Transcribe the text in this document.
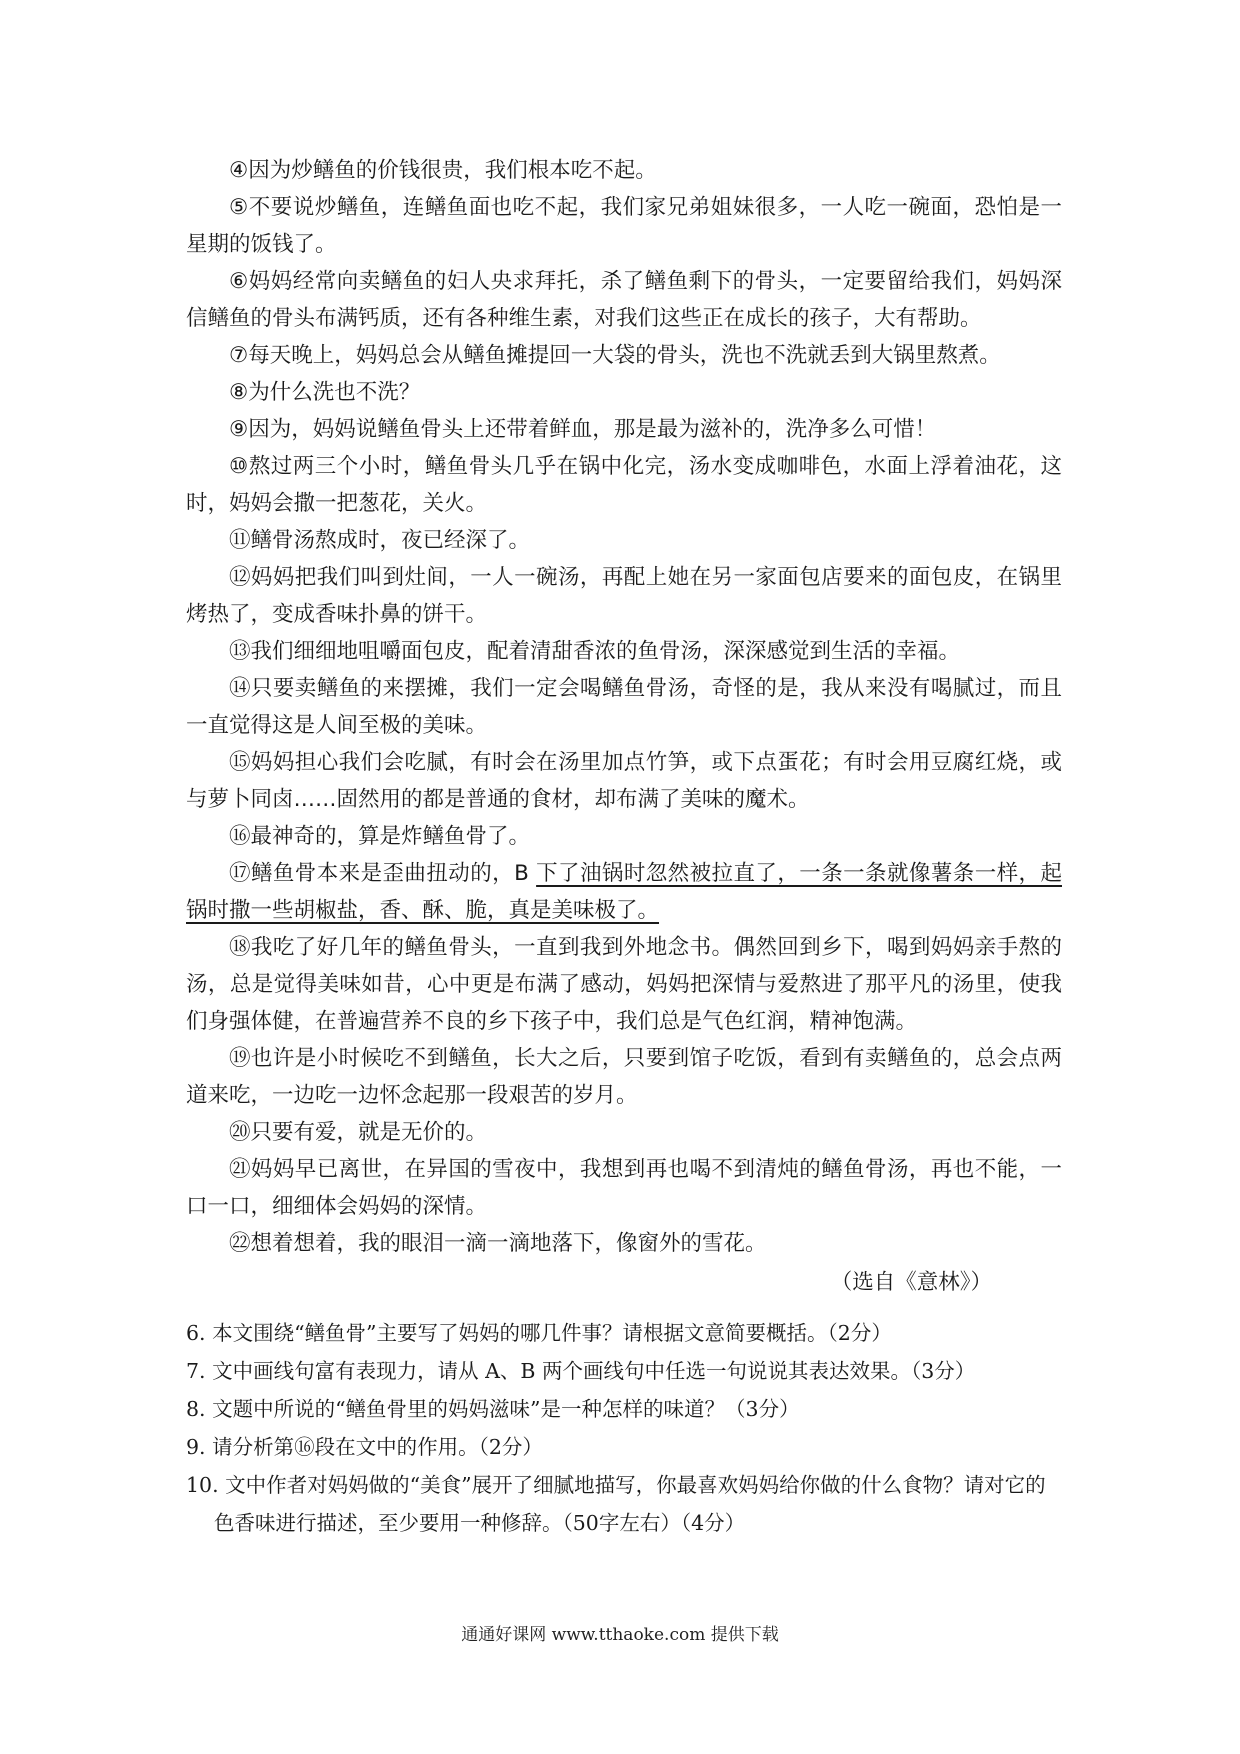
④因为炒鳝鱼的价钱很贵，我们根本吃不起。

⑤不要说炒鳝鱼，连鳝鱼面也吃不起，我们家兄弟姐妹很多，一人吃一碗面，恐怕是一星期的饭钱了。

⑥妈妈经常向卖鳝鱼的妇人央求拜托，杀了鳝鱼剩下的骨头，一定要留给我们，妈妈深信鳝鱼的骨头布满钙质，还有各种维生素，对我们这些正在成长的孩子，大有帮助。

⑦每天晚上，妈妈总会从鳝鱼摊提回一大袋的骨头，洗也不洗就丢到大锅里熬煮。

⑧为什么洗也不洗？

⑨因为，妈妈说鳝鱼骨头上还带着鲜血，那是最为滋补的，洗净多么可惜！

⑩熬过两三个小时，鳝鱼骨头几乎在锅中化完，汤水变成咖啡色，水面上浮着油花，这时，妈妈会撒一把葱花，关火。

⑪鳝骨汤熬成时，夜已经深了。

⑫妈妈把我们叫到灶间，一人一碗汤，再配上她在另一家面包店要来的面包皮，在锅里烤热了，变成香味扑鼻的饼干。

⑬我们细细地咀嚼面包皮，配着清甜香浓的鱼骨汤，深深感觉到生活的幸福。

⑭只要卖鳝鱼的来摆摊，我们一定会喝鳝鱼骨汤，奇怪的是，我从来没有喝腻过，而且一直觉得这是人间至极的美味。

⑮妈妈担心我们会吃腻，有时会在汤里加点竹笋，或下点蛋花；有时会用豆腐红烧，或与萝卜同卤……固然用的都是普通的食材，却布满了美味的魔术。

⑯最神奇的，算是炸鳝鱼骨了。

⑰鳝鱼骨本来是歪曲扭动的，B 下了油锅时忽然被拉直了，一条一条就像薯条一样，起锅时撒一些胡椒盐，香、酥、脆，真是美味极了。

⑱我吃了好几年的鳝鱼骨头，一直到我到外地念书。偶然回到乡下，喝到妈妈亲手熬的汤，总是觉得美味如昔，心中更是布满了感动，妈妈把深情与爱熬进了那平凡的汤里，使我们身强体健，在普遍营养不良的乡下孩子中，我们总是气色红润，精神饱满。

⑲也许是小时候吃不到鳝鱼，长大之后，只要到馆子吃饭，看到有卖鳝鱼的，总会点两道来吃，一边吃一边怀念起那一段艰苦的岁月。

⑳只要有爱，就是无价的。

㉑妈妈早已离世，在异国的雪夜中，我想到再也喝不到清炖的鳝鱼骨汤，再也不能，一口一口，细细体会妈妈的深情。

㉒想着想着，我的眼泪一滴一滴地落下，像窗外的雪花。

（选自《意林》）

6. 本文围绕“鳝鱼骨”主要写了妈妈的哪几件事？请根据文意简要概括。（2分）

7. 文中画线句富有表现力，请从 A、B 两个画线句中任选一句说说其表达效果。（3分）

8. 文题中所说的“鳝鱼骨里的妈妈滋味”是一种怎样的味道？（3分）

9. 请分析第⑯段在文中的作用。（2分）

10. 文中作者对妈妈做的“美食”展开了细腻地描写，你最喜欢妈妈给你做的什么食物？请对它的色香味进行描述，至少要用一种修辞。（50字左右）（4分）

通通好课网 www.tthaoke.com 提供下载
